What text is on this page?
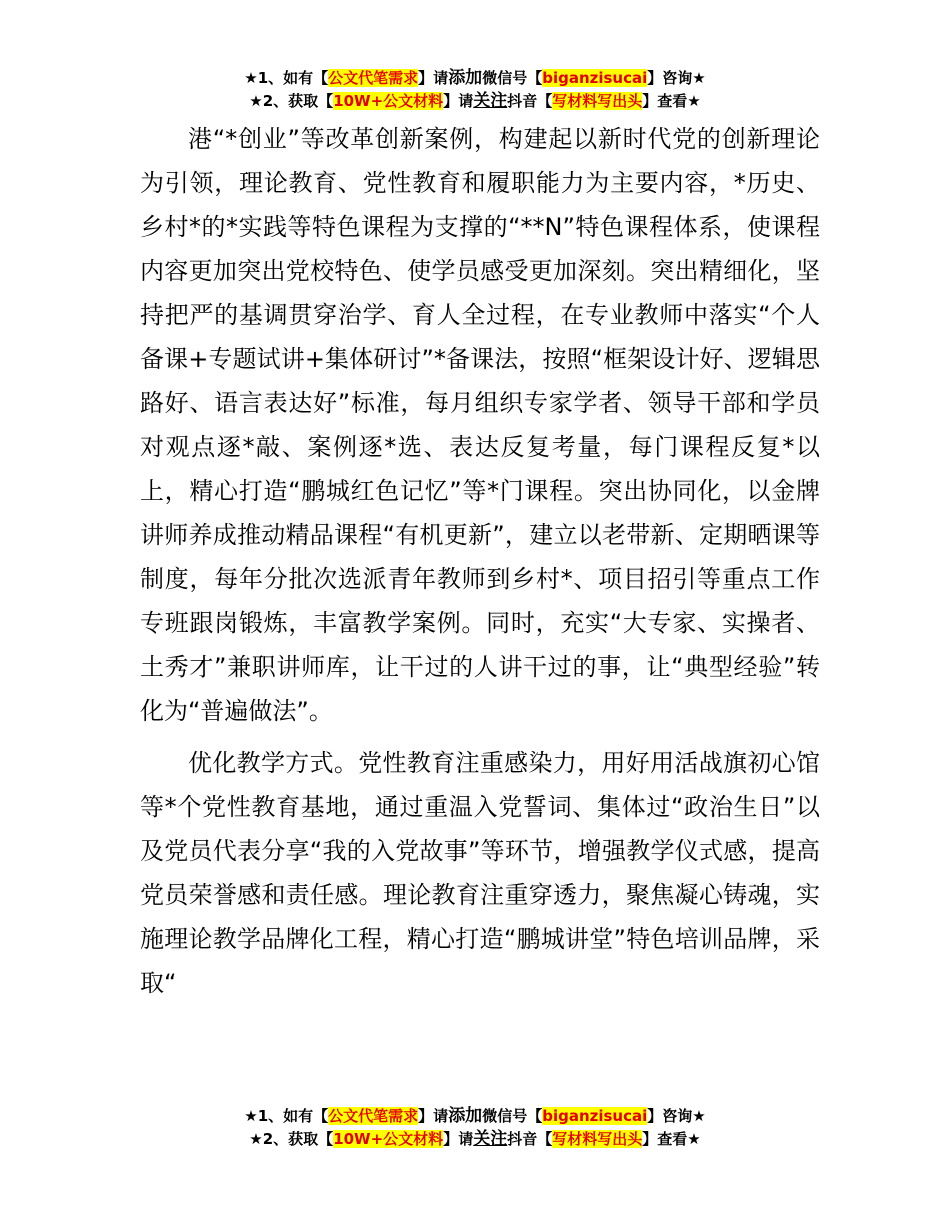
★1、如有【公文代笔需求】请添加微信号【biganzisucai】咨询★
★2、获取【10W+公文材料】请关注抖音【写材料写出头】查看★

港“*创业”等改革创新案例，构建起以新时代党的创新理论为引领，理论教育、党性教育和履职能力为主要内容，*历史、乡村*的*实践等特色课程为支撑的“**N”特色课程体系，使课程内容更加突出党校特色、使学员感受更加深刻。突出精细化，坚持把严的基调贯穿治学、育人全过程，在专业教师中落实“个人备课+专题试讲+集体研讨”*备课法，按照“框架设计好、逻辑思路好、语言表达好”标准，每月组织专家学者、领导干部和学员对观点逐*敲、案例逐*选、表达反复考量，每门课程反复*以上，精心打造“鹏城红色记忆”等*门课程。突出协同化，以金牌讲师养成推动精品课程“有机更新”，建立以老带新、定期晒课等制度，每年分批次选派青年教师到乡村*、项目招引等重点工作专班跟岗锻炼，丰富教学案例。同时，充实“大专家、实操者、土秀才”兼职讲师库，让干过的人讲干过的事，让“典型经验”转化为“普遍做法”。

优化教学方式。党性教育注重感染力，用好用活战旗初心馆等*个党性教育基地，通过重温入党誓词、集体过“政治生日”以及党员代表分享“我的入党故事”等环节，增强教学仪式感，提高党员荣誉感和责任感。理论教育注重穿透力，聚焦凝心铸魂，实施理论教学品牌化工程，精心打造“鹏城讲堂”特色培训品牌，采取“

★1、如有【公文代笔需求】请添加微信号【biganzisucai】咨询★
★2、获取【10W+公文材料】请关注抖音【写材料写出头】查看★
